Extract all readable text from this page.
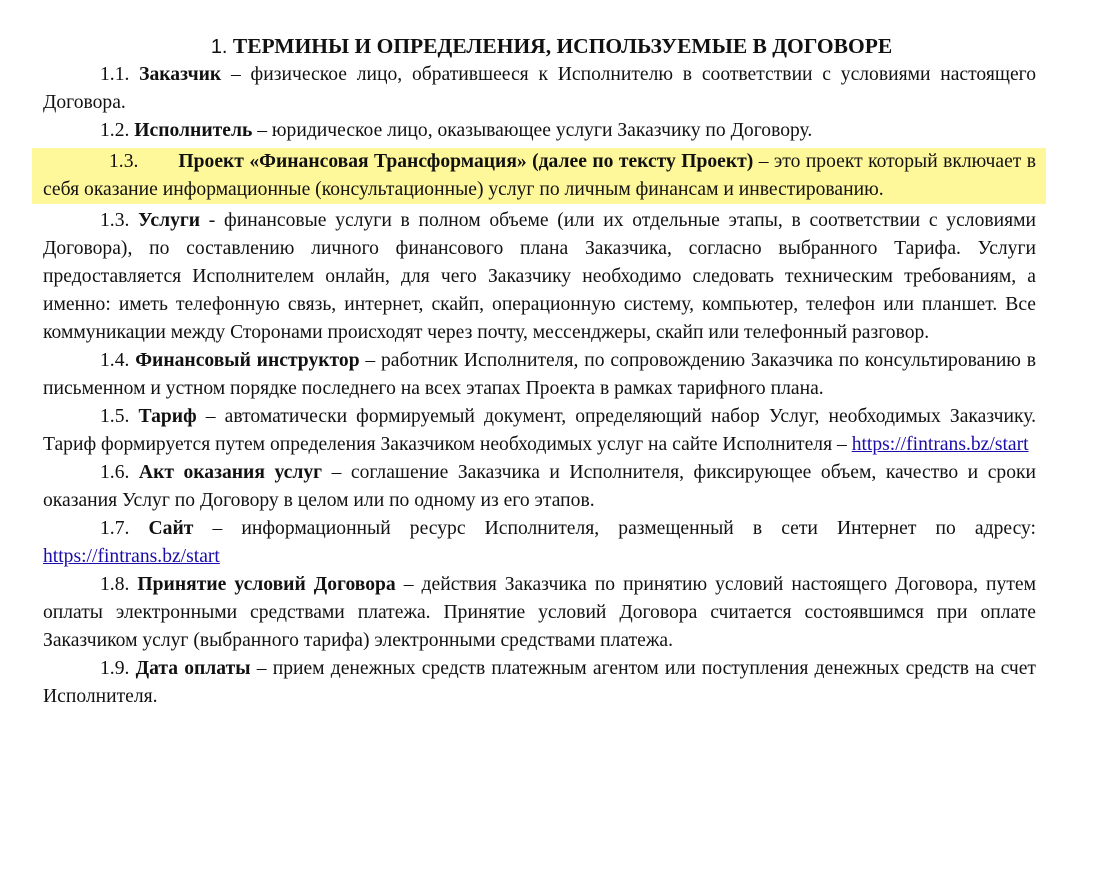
1. ТЕРМИНЫ И ОПРЕДЕЛЕНИЯ, ИСПОЛЬЗУЕМЫЕ В ДОГОВОРЕ

1.1. Заказчик – физическое лицо, обратившееся к Исполнителю в соответствии с условиями настоящего Договора.

1.2. Исполнитель – юридическое лицо, оказывающее услуги Заказчику по Договору.

1.3. Проект «Финансовая Трансформация» (далее по тексту Проект) – это проект который включает в себя оказание информационные (консультационные) услуг по личным финансам и инвестированию.

1.3. Услуги - финансовые услуги в полном объеме (или их отдельные этапы, в соответствии с условиями Договора), по составлению личного финансового плана Заказчика, согласно выбранного Тарифа. Услуги предоставляется Исполнителем онлайн, для чего Заказчику необходимо следовать техническим требованиям, а именно: иметь телефонную связь, интернет, скайп, операционную систему, компьютер, телефон или планшет. Все коммуникации между Сторонами происходят через почту, мессенджеры, скайп или телефонный разговор.

1.4. Финансовый инструктор – работник Исполнителя, по сопровождению Заказчика по консультированию в письменном и устном порядке последнего на всех этапах Проекта в рамках тарифного плана.

1.5. Тариф – автоматически формируемый документ, определяющий набор Услуг, необходимых Заказчику. Тариф формируется путем определения Заказчиком необходимых услуг на сайте Исполнителя – https://fintrans.bz/start

1.6. Акт оказания услуг – соглашение Заказчика и Исполнителя, фиксирующее объем, качество и сроки оказания Услуг по Договору в целом или по одному из его этапов.

1.7. Сайт – информационный ресурс Исполнителя, размещенный в сети Интернет по адресу: https://fintrans.bz/start

1.8. Принятие условий Договора – действия Заказчика по принятию условий настоящего Договора, путем оплаты электронными средствами платежа. Принятие условий Договора считается состоявшимся при оплате Заказчиком услуг (выбранного тарифа) электронными средствами платежа.

1.9. Дата оплаты – прием денежных средств платежным агентом или поступления денежных средств на счет Исполнителя.
